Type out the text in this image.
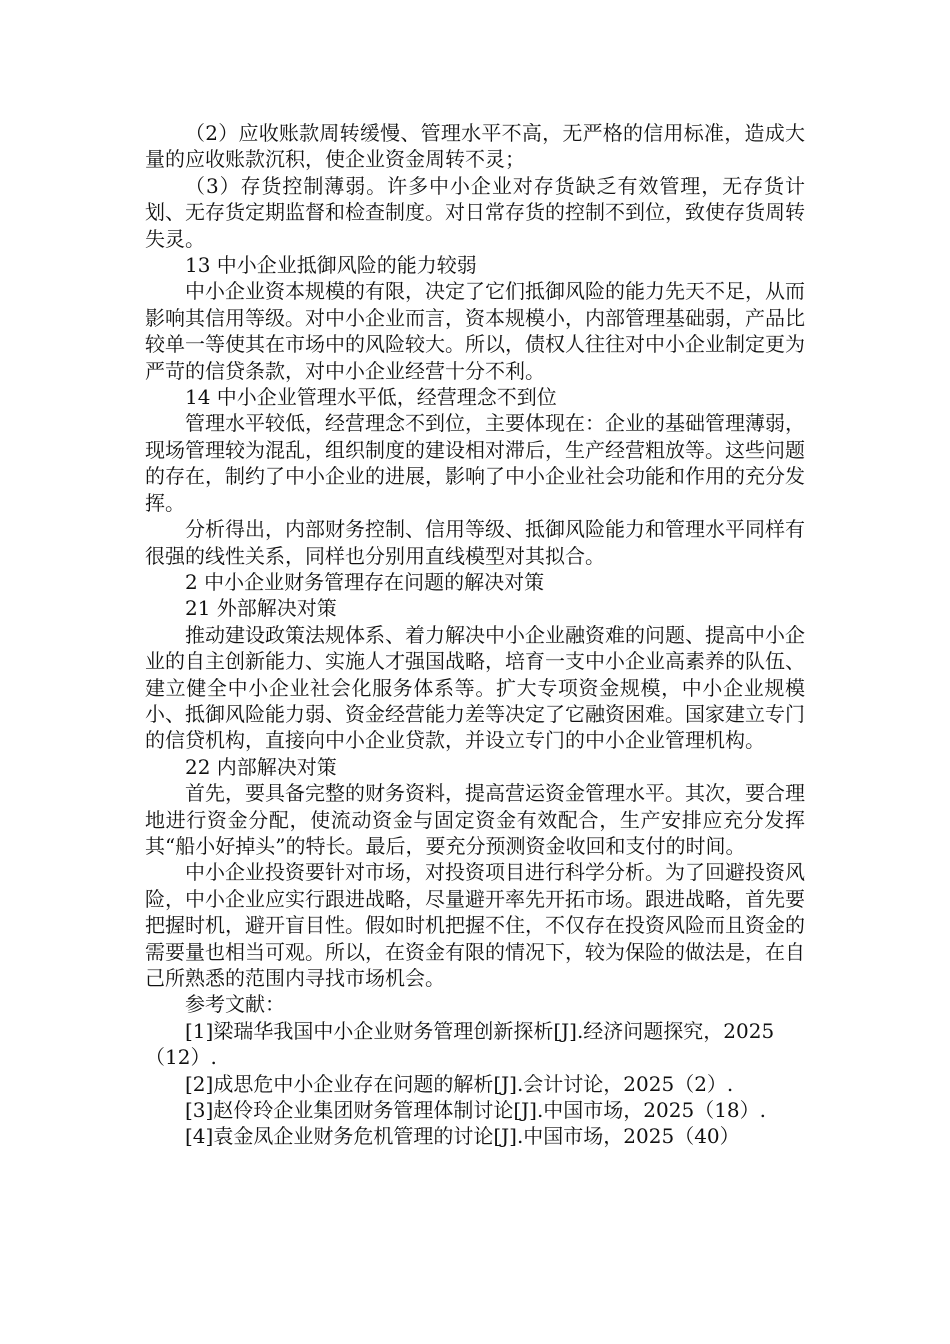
（2）应收账款周转缓慢、管理水平不高，无严格的信用标准，造成大量的应收账款沉积，使企业资金周转不灵；

（3）存货控制薄弱。许多中小企业对存货缺乏有效管理，无存货计划、无存货定期监督和检查制度。对日常存货的控制不到位，致使存货周转失灵。

13 中小企业抵御风险的能力较弱

中小企业资本规模的有限，决定了它们抵御风险的能力先天不足，从而影响其信用等级。对中小企业而言，资本规模小，内部管理基础弱，产品比较单一等使其在市场中的风险较大。所以，债权人往往对中小企业制定更为严苛的信贷条款，对中小企业经营十分不利。

14 中小企业管理水平低，经营理念不到位

管理水平较低，经营理念不到位，主要体现在：企业的基础管理薄弱，现场管理较为混乱，组织制度的建设相对滞后，生产经营粗放等。这些问题的存在，制约了中小企业的进展，影响了中小企业社会功能和作用的充分发挥。

分析得出，内部财务控制、信用等级、抵御风险能力和管理水平同样有很强的线性关系，同样也分别用直线模型对其拟合。

2 中小企业财务管理存在问题的解决对策

21 外部解决对策

推动建设政策法规体系、着力解决中小企业融资难的问题、提高中小企业的自主创新能力、实施人才强国战略，培育一支中小企业高素养的队伍、建立健全中小企业社会化服务体系等。扩大专项资金规模，中小企业规模小、抵御风险能力弱、资金经营能力差等决定了它融资困难。国家建立专门的信贷机构，直接向中小企业贷款，并设立专门的中小企业管理机构。

22 内部解决对策

首先，要具备完整的财务资料，提高营运资金管理水平。其次，要合理地进行资金分配，使流动资金与固定资金有效配合，生产安排应充分发挥其“船小好掉头”的特长。最后，要充分预测资金收回和支付的时间。

中小企业投资要针对市场，对投资项目进行科学分析。为了回避投资风险，中小企业应实行跟进战略，尽量避开率先开拓市场。跟进战略，首先要把握时机，避开盲目性。假如时机把握不住，不仅存在投资风险而且资金的需要量也相当可观。所以，在资金有限的情况下，较为保险的做法是，在自己所熟悉的范围内寻找市场机会。

参考文献：

[1]梁瑞华我国中小企业财务管理创新探析[J].经济问题探究，2025（12）.

[2]成思危中小企业存在问题的解析[J].会计讨论，2025（2）.

[3]赵伶玲企业集团财务管理体制讨论[J].中国市场，2025（18）.

[4]袁金凤企业财务危机管理的讨论[J].中国市场，2025（40）
